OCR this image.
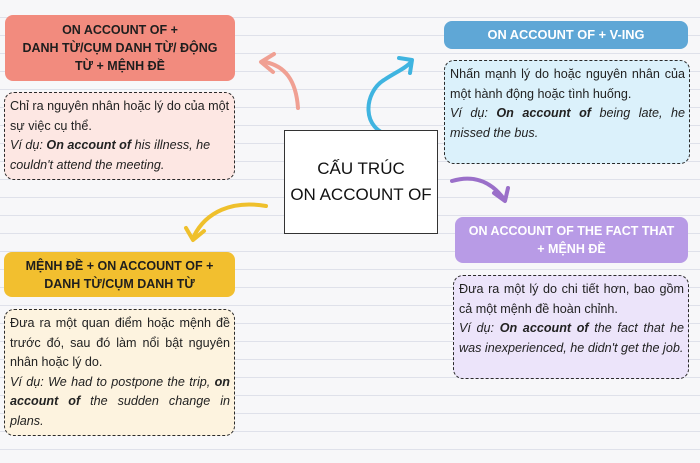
ON ACCOUNT OF +
DANH TỪ/CỤM DANH TỪ/ ĐỘNG
TỪ + MỆNH ĐỀ

Chỉ ra nguyên nhân hoặc lý do của một sự việc cụ thể.

Ví dụ: On account of his illness, he couldn't attend the meeting.

ON ACCOUNT OF + V-ING

Nhấn mạnh lý do hoặc nguyên nhân của một hành động hoặc tình huống.

Ví dụ: On account of being late, he missed the bus.

CẤU TRÚC
ON ACCOUNT OF
ON ACCOUNT OF THE FACT THAT
+ MỆNH ĐỀ

Đưa ra một lý do chi tiết hơn, bao gồm cả một mệnh đề hoàn chỉnh.

Ví dụ: On account of the fact that he was inexperienced, he didn't get the job.

MỆNH ĐỀ + ON ACCOUNT OF +
DANH TỪ/CỤM DANH TỪ

Đưa ra một quan điểm hoặc mệnh đề trước đó, sau đó làm nổi bật nguyên nhân hoặc lý do.

Ví dụ: We had to postpone the trip, on account of the sudden change in plans.
